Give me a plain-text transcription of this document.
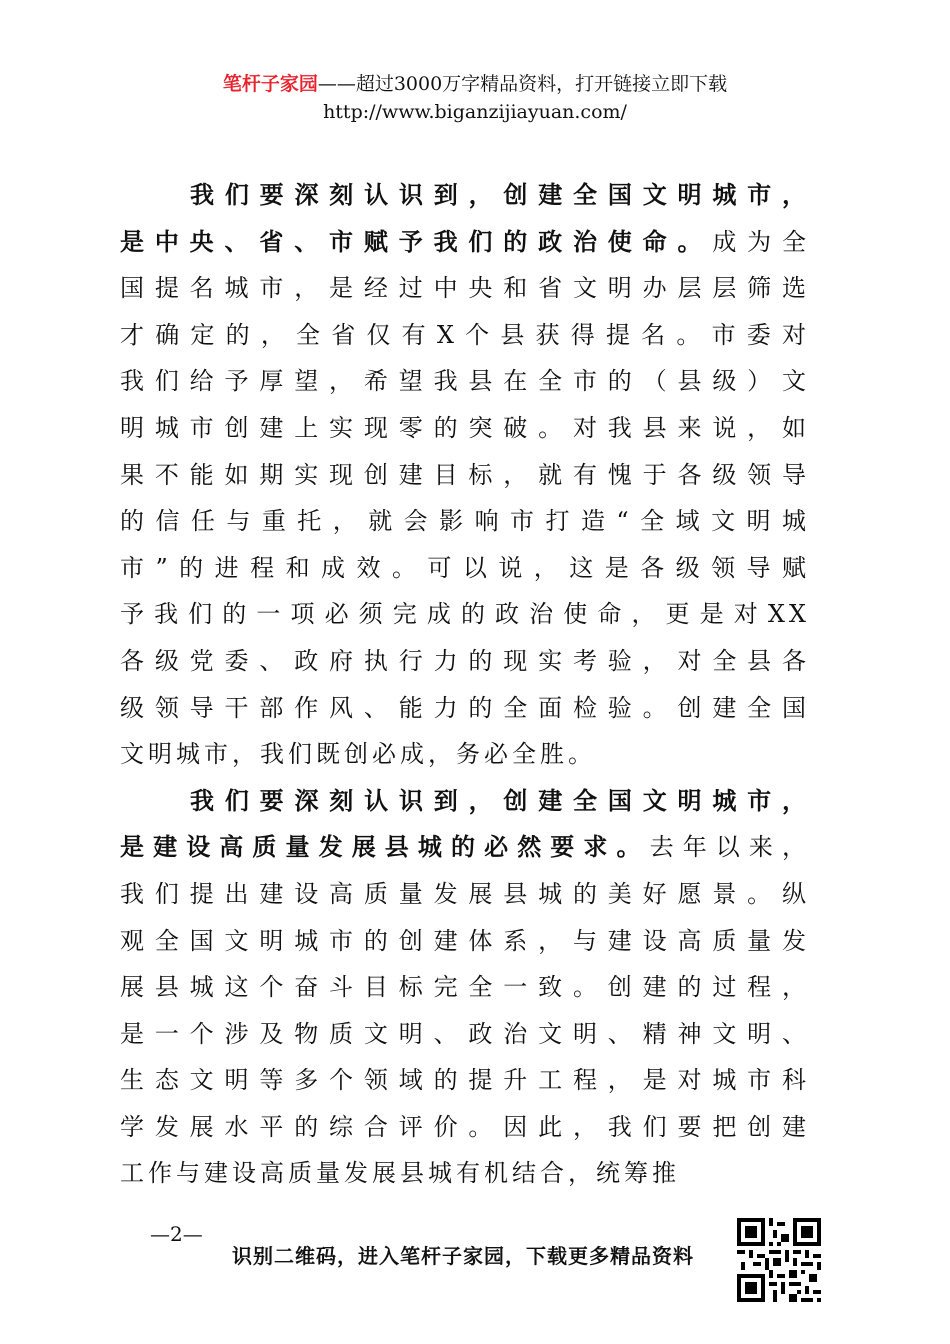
笔杆子家园——超过3000万字精品资料，打开链接立即下载
http://www.biganzijiayuan.com/
我们要深刻认识到，创建全国文明城市，
是中央、省、市赋予我们的政治使命。成为全
国提名城市，是经过中央和省文明办层层筛选
才确定的，全省仅有X个县获得提名。市委对
我们给予厚望，希望我县在全市的（县级）文
明城市创建上实现零的突破。对我县来说，如
果不能如期实现创建目标，就有愧于各级领导
的信任与重托，就会影响市打造“全域文明城
市”的进程和成效。可以说，这是各级领导赋
予我们的一项必须完成的政治使命，更是对XX
各级党委、政府执行力的现实考验，对全县各
级领导干部作风、能力的全面检验。创建全国
文明城市，我们既创必成，务必全胜。
我们要深刻认识到，创建全国文明城市，
是建设高质量发展县城的必然要求。去年以来，
我们提出建设高质量发展县城的美好愿景。纵
观全国文明城市的创建体系，与建设高质量发
展县城这个奋斗目标完全一致。创建的过程，
是一个涉及物质文明、政治文明、精神文明、
生态文明等多个领域的提升工程，是对城市科
学发展水平的综合评价。因此，我们要把创建
工作与建设高质量发展县城有机结合，统筹推
—2—
识别二维码，进入笔杆子家园，下载更多精品资料
